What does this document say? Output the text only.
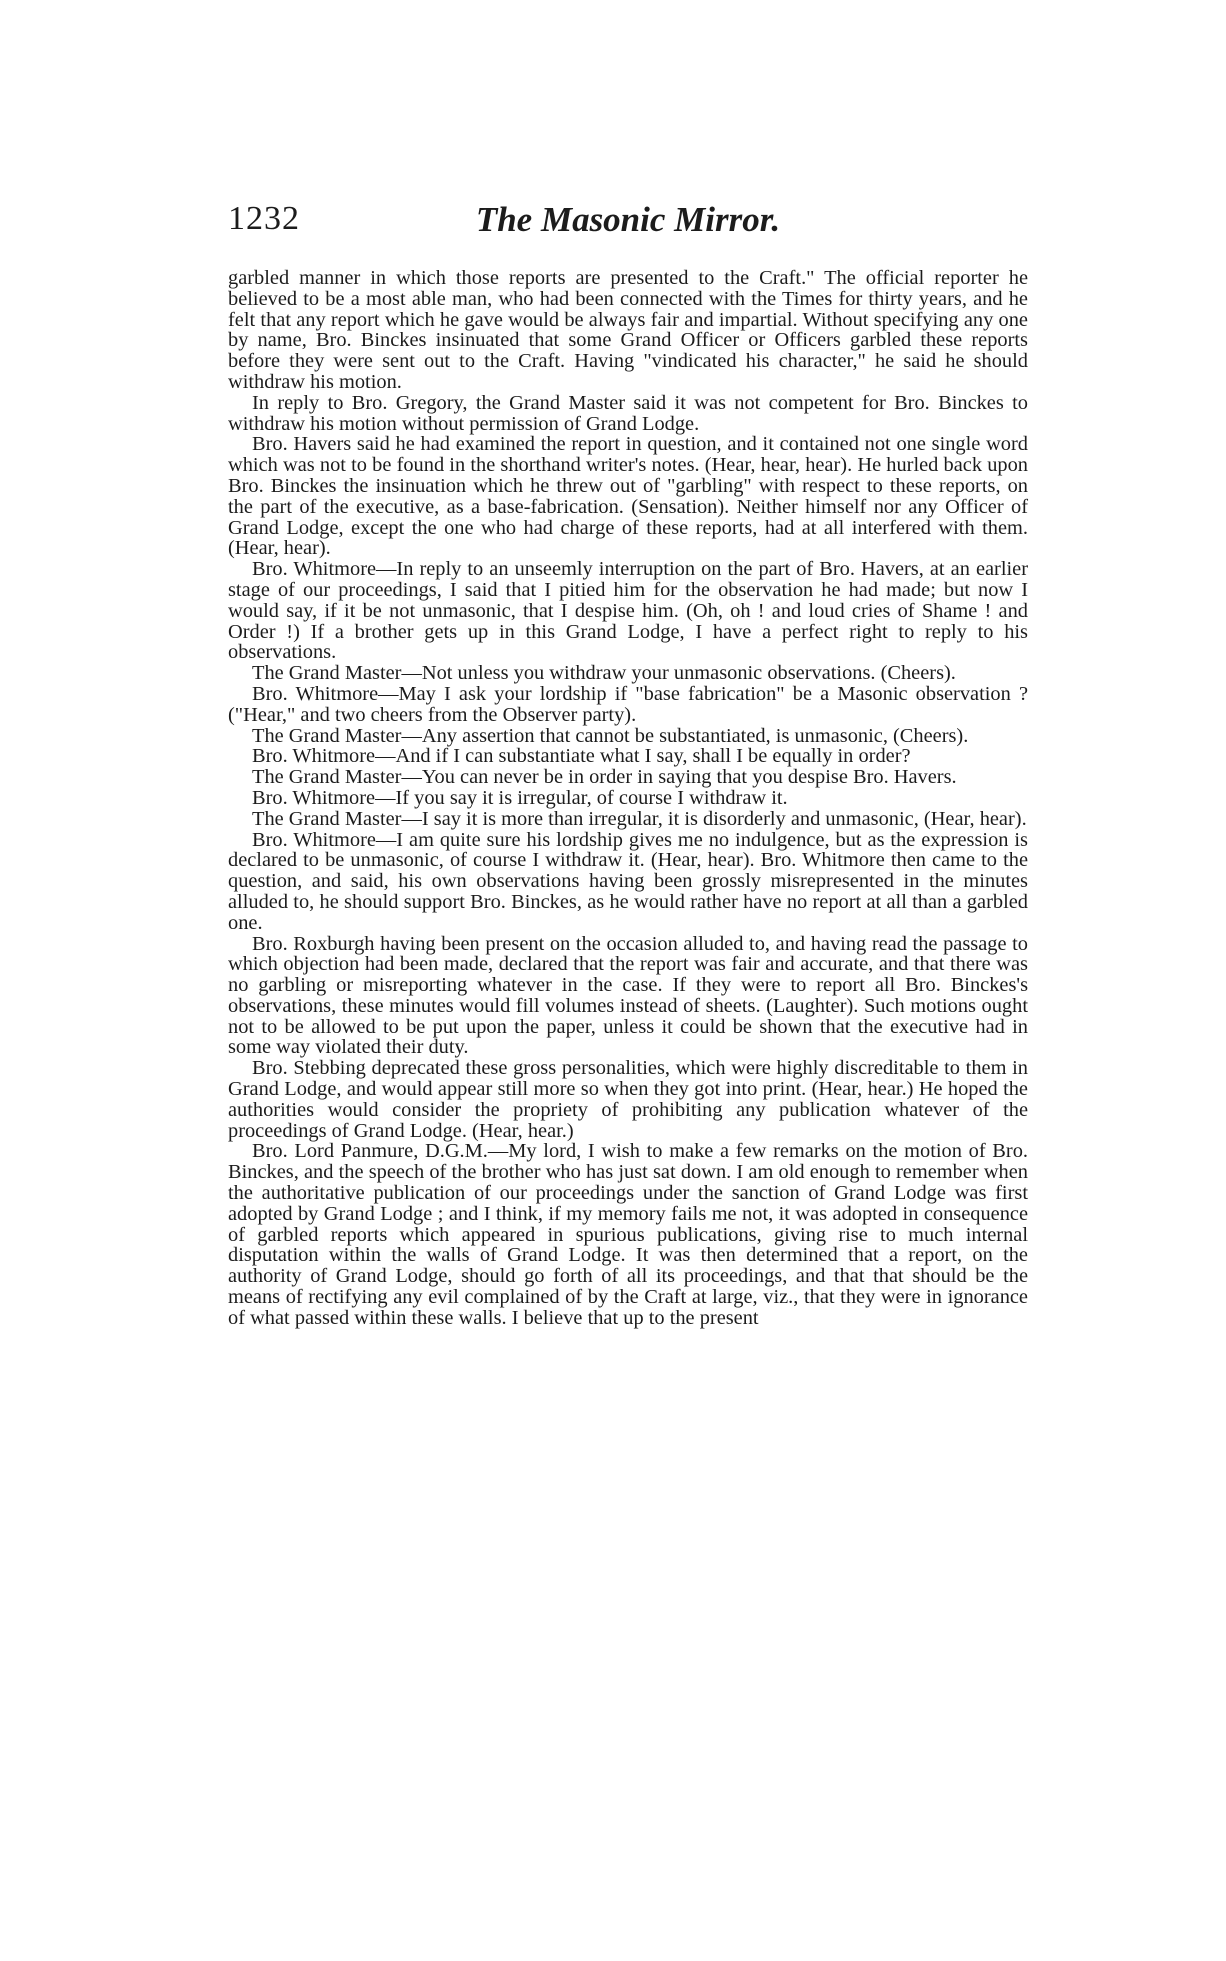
1232	The Masonic Mirror.

garbled manner in which those reports are presented to the Craft." The official reporter he believed to be a most able man, who had been connected with the Times for thirty years, and he felt that any report which he gave would be always fair and impartial. Without specifying any one by name, Bro. Binckes insinuated that some Grand Officer or Officers garbled these reports before they were sent out to the Craft. Having "vindicated his character," he said he should withdraw his motion.

In reply to Bro. Gregory, the Grand Master said it was not competent for Bro. Binckes to withdraw his motion without permission of Grand Lodge.

Bro. Havers said he had examined the report in question, and it contained not one single word which was not to be found in the shorthand writer's notes. (Hear, hear, hear). He hurled back upon Bro. Binckes the insinuation which he threw out of "garbling" with respect to these reports, on the part of the executive, as a base-fabrication. (Sensation). Neither himself nor any Officer of Grand Lodge, except the one who had charge of these reports, had at all interfered with them. (Hear, hear).

Bro. Whitmore—In reply to an unseemly interruption on the part of Bro. Havers, at an earlier stage of our proceedings, I said that I pitied him for the observation he had made; but now I would say, if it be not unmasonic, that I despise him. (Oh, oh ! and loud cries of Shame ! and Order !) If a brother gets up in this Grand Lodge, I have a perfect right to reply to his observations.

The Grand Master—Not unless you withdraw your unmasonic observations. (Cheers).

Bro. Whitmore—May I ask your lordship if "base fabrication" be a Masonic observation ? ("Hear," and two cheers from the Observer party).

The Grand Master—Any assertion that cannot be substantiated, is unmasonic, (Cheers).

Bro. Whitmore—And if I can substantiate what I say, shall I be equally in order?

The Grand Master—You can never be in order in saying that you despise Bro. Havers.

Bro. Whitmore—If you say it is irregular, of course I withdraw it.

The Grand Master—I say it is more than irregular, it is disorderly and unmasonic, (Hear, hear).

Bro. Whitmore—I am quite sure his lordship gives me no indulgence, but as the expression is declared to be unmasonic, of course I withdraw it. (Hear, hear). Bro. Whitmore then came to the question, and said, his own observations having been grossly misrepresented in the minutes alluded to, he should support Bro. Binckes, as he would rather have no report at all than a garbled one.

Bro. Roxburgh having been present on the occasion alluded to, and having read the passage to which objection had been made, declared that the report was fair and accurate, and that there was no garbling or misreporting whatever in the case. If they were to report all Bro. Binckes's observations, these minutes would fill volumes instead of sheets. (Laughter). Such motions ought not to be allowed to be put upon the paper, unless it could be shown that the executive had in some way violated their duty.

Bro. Stebbing deprecated these gross personalities, which were highly discreditable to them in Grand Lodge, and would appear still more so when they got into print. (Hear, hear.) He hoped the authorities would consider the propriety of prohibiting any publication whatever of the proceedings of Grand Lodge. (Hear, hear.)

Bro. Lord Panmure, D.G.M.—My lord, I wish to make a few remarks on the motion of Bro. Binckes, and the speech of the brother who has just sat down. I am old enough to remember when the authoritative publication of our proceedings under the sanction of Grand Lodge was first adopted by Grand Lodge ; and I think, if my memory fails me not, it was adopted in consequence of garbled reports which appeared in spurious publications, giving rise to much internal disputation within the walls of Grand Lodge. It was then determined that a report, on the authority of Grand Lodge, should go forth of all its proceedings, and that that should be the means of rectifying any evil complained of by the Craft at large, viz., that they were in ignorance of what passed within these walls. I believe that up to the present
